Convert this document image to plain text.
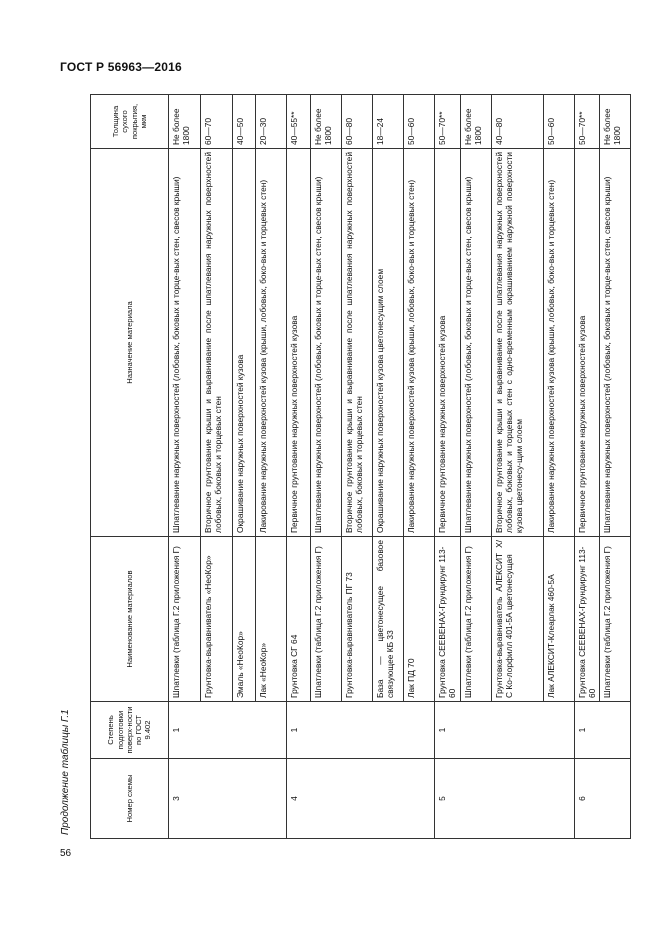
ГОСТ Р 56963—2016
Продолжение таблицы Г.1	Номер схемы	Степень подготовки поверх-ности по ГОСТ 9.402	Наименование материалов	Назначение материала	Толщина сухого покрытия, мкм
3	1	Шпатлевки (таблица Г.2 приложения Г)	Шпатлевание наружных поверхностей (лобовых, боковых и торце-вых стен, свесов крыши)	Не более 1800
		Грунтовка-выравниватель «НеоКор»	Вторичное грунтование крыши и выравнивание после шпатлевания наружных поверхностей лобовых, боковых и торцевых стен	60—70
		Эмаль «НеоКор»	Окрашивание наружных поверхностей кузова	40—50
		Лак «НеоКор»	Лакирование наружных поверхностей кузова (крыши, лобовых, боко-вых и торцевых стен)	20—30
4	1	Грунтовка СГ 64	Первичное грунтование наружных поверхностей кузова	40—55**
		Шпатлевки (таблица Г.2 приложения Г)	Шпатлевание наружных поверхностей (лобовых, боковых и торце-вых стен, свесов крыши)	Не более 1800
		Грунтовка-выравниватель ПГ 73	Вторичное грунтование крыши и выравнивание после шпатлевания наружных поверхностей лобовых, боковых и торцевых стен	60—80
		База — цветонесущее базовое связующее КБ 33	Окрашивание наружных поверхностей кузова цветонесущим слоем	18—24
		Лак ПД 70	Лакирование наружных поверхностей кузова (крыши, лобовых, боко-вых и торцевых стен)	50—60
5	1	Грунтовка CEEBEHAX-Грундирунг 113-60	Первичное грунтование наружных поверхностей кузова	50—70**
		Шпатлевки (таблица Г.2 приложения Г)	Шпатлевание наружных поверхностей (лобовых, боковых и торце-вых стен, свесов крыши)	Не более 1800
		Грунтовка-выравниватель АЛЕКСИТ Х/С Ко-лорфилл 401-5А цветонесущая	Вторичное грунтование крыши и выравнивание после шпатлевания наружных поверхностей лобовых, боковых и торцевых стен с одно-временным окрашиванием наружной поверхности кузова цветонесу-щим слоем	40—80
		Лак АЛЕКСИТ-Клеарлак 460-5А	Лакирование наружных поверхностей кузова (крыши, лобовых, боко-вых и торцевых стен)	50—60
6	1	Грунтовка CEEBEHAX-Грундирунг 113-60	Первичное грунтование наружных поверхностей кузова	50—70**
		Шпатлевки (таблица Г.2 приложения Г)	Шпатлевание наружных поверхностей (лобовых, боковых и торце-вых стен, свесов крыши)	Не более 1800
56
